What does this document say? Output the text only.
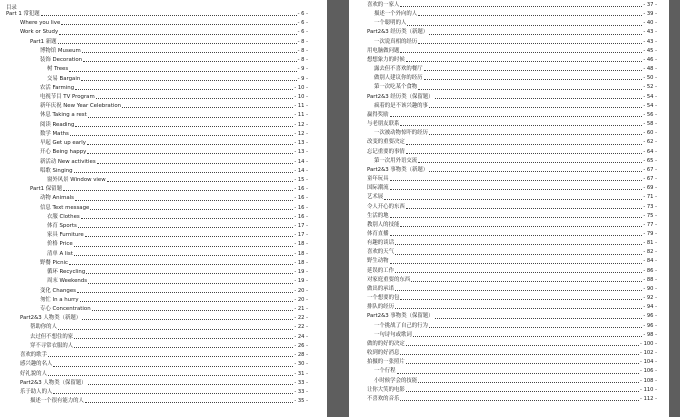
目录
Part 1 常犯题	- 6 -
Where you live	- 6 -
Work or Study	- 6 -
Part1 新题	- 8 -
博物馆 Museum	- 8 -
装饰 Decoration	- 8 -
树 Trees	- 9 -
交易 Bargain	- 9 -
农活 Farming	- 10 -
电视节目 TV Program	- 10 -
新年庆祝 New Year Celebration	- 11 -
休息 Taking a rest	- 11 -
阅读 Reading	- 12 -
数学 Maths	- 12 -
早起 Get up early	- 13 -
开心 Being happy	- 13 -
新活动 New activities	- 14 -
唱歌 Singing	- 14 -
窗外风景 Window view	- 15 -
Part1 保留题	- 16 -
动物 Animals	- 16 -
信息 Text message	- 16 -
衣服 Clothes	- 16 -
体育 Sports	- 17 -
家具 Furniture	- 17 -
价格 Price	- 18 -
清单 A list	- 18 -
野餐 Picnic	- 18 -
循环 Recycling	- 19 -
周末 Weekends	- 19 -
变化 Changes	- 20 -
匆忙 In a hurry	- 20 -
专心 Concentration	- 21 -
Part2&3 人物类（新题）	- 22 -
帮助你的人	- 22 -
去过但不想住的家	- 24 -
穿不寻常衣服的人	- 26 -
喜欢的歌手	- 28 -
感兴趣的名人	- 30 -
好礼貌的人	- 31 -
Part2&3 人物类（保留题）	- 33 -
乐于助人的人	- 33 -
描述一个很有能力的人	- 35 -
喜欢的一家人	- 37 -
描述一个外向的人	- 39 -
一个聪明的人	- 40 -
Part2&3 经历类（新题）	- 43 -
一次说真相的经历	- 43 -
用电脑做问题	- 45 -
想想象力的时候	- 46 -
露去但不喜欢的餐厅	- 48 -
做别人建议你的经历	- 50 -
第一次吃某个食物	- 52 -
Part2&3 经历类（保留题）	- 54 -
疯着的是不该兴趣的事	- 54 -
赢得奖励	- 56 -
与老朋友联系	- 58 -
一次被动物惊吓的经历	- 60 -
改变的重要决定	- 62 -
忘记重要的事情	- 64 -
第一次用外语交流	- 65 -
Part2&3 事物类（新题）	- 67 -
童年玩具	- 67 -
国际潮流	- 69 -
艺术展	- 71 -
令人开心的东西	- 73 -
生活的地	- 75 -
教别人的技能	- 77 -
体育直播	- 79 -
有趣的谈话	- 81 -
喜欢的天气	- 82 -
野生动物	- 84 -
延误的工作	- 86 -
对家庭重要的东西	- 88 -
做出的承诺	- 90 -
一个想要的包	- 92 -
排队的经历	- 94 -
Part2&3 事物类（保留题）	- 96 -
一个挑战了自己的行为	- 96 -
一句诗句或歌词	- 98 -
做的的好的决定	- 100 -
收到的好消息	- 102 -
拍摄的一张照片	- 104 -
一个行程	- 106 -
小时候学会的技能	- 108 -
让你大笑的电影	- 110 -
不喜欢的音乐	- 112 -
